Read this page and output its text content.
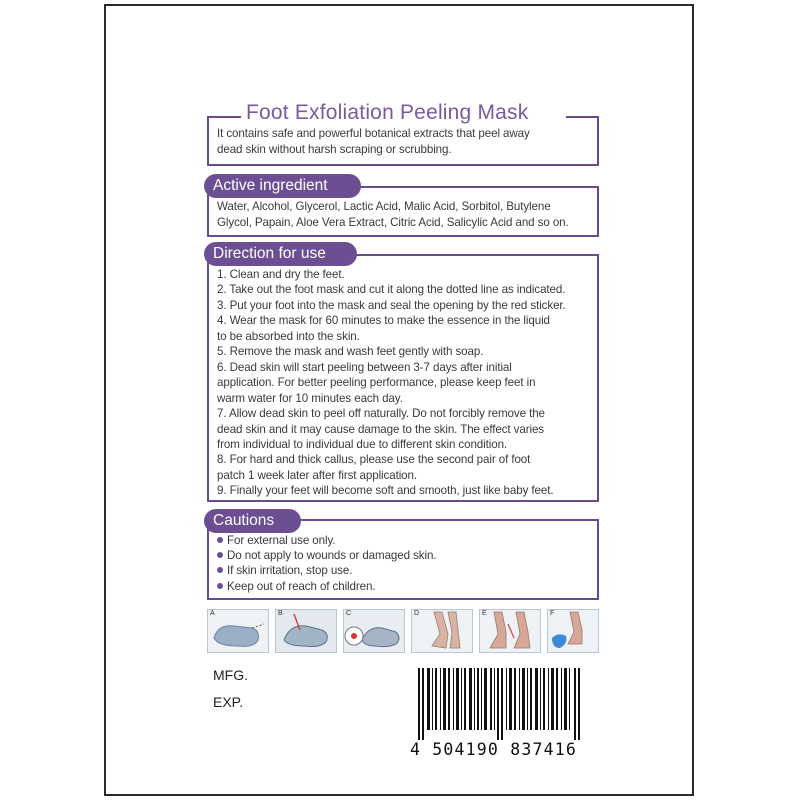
Foot Exfoliation Peeling Mask
It contains safe and powerful botanical extracts that peel away
dead skin without harsh scraping or scrubbing.
Water, Alcohol, Glycerol, Lactic Acid, Malic Acid, Sorbitol, Butylene
Glycol, Papain, Aloe Vera Extract, Citric Acid, Salicylic Acid and so on.
Active ingredient
1. Clean and dry the feet.
2. Take out the foot mask and cut it along the dotted line as indicated.
3. Put your foot into the mask and seal the opening by the red sticker.
4. Wear the mask for 60 minutes to make the essence in the liquid
to be absorbed into the skin.
5. Remove the mask and wash feet gently with soap.
6. Dead skin will start peeling between 3-7 days after initial
application. For better peeling performance, please keep feet in
warm water for 10 minutes each day.
7. Allow dead skin to peel off naturally. Do not forcibly remove the
dead skin and it may cause damage to the skin. The effect varies
from individual to individual due to different skin condition.
8. For hard and thick callus, please use the second pair of foot
patch 1 week later after first application.
9. Finally your feet will become soft and smooth, just like baby feet.
Direction for use
For external use only.
Do not apply to wounds or damaged skin.
If skin irritation, stop use.
Keep out of reach of children.
Cautions
A	B	C	D	E	F
MFG.
EXP.
4 504190 837416
